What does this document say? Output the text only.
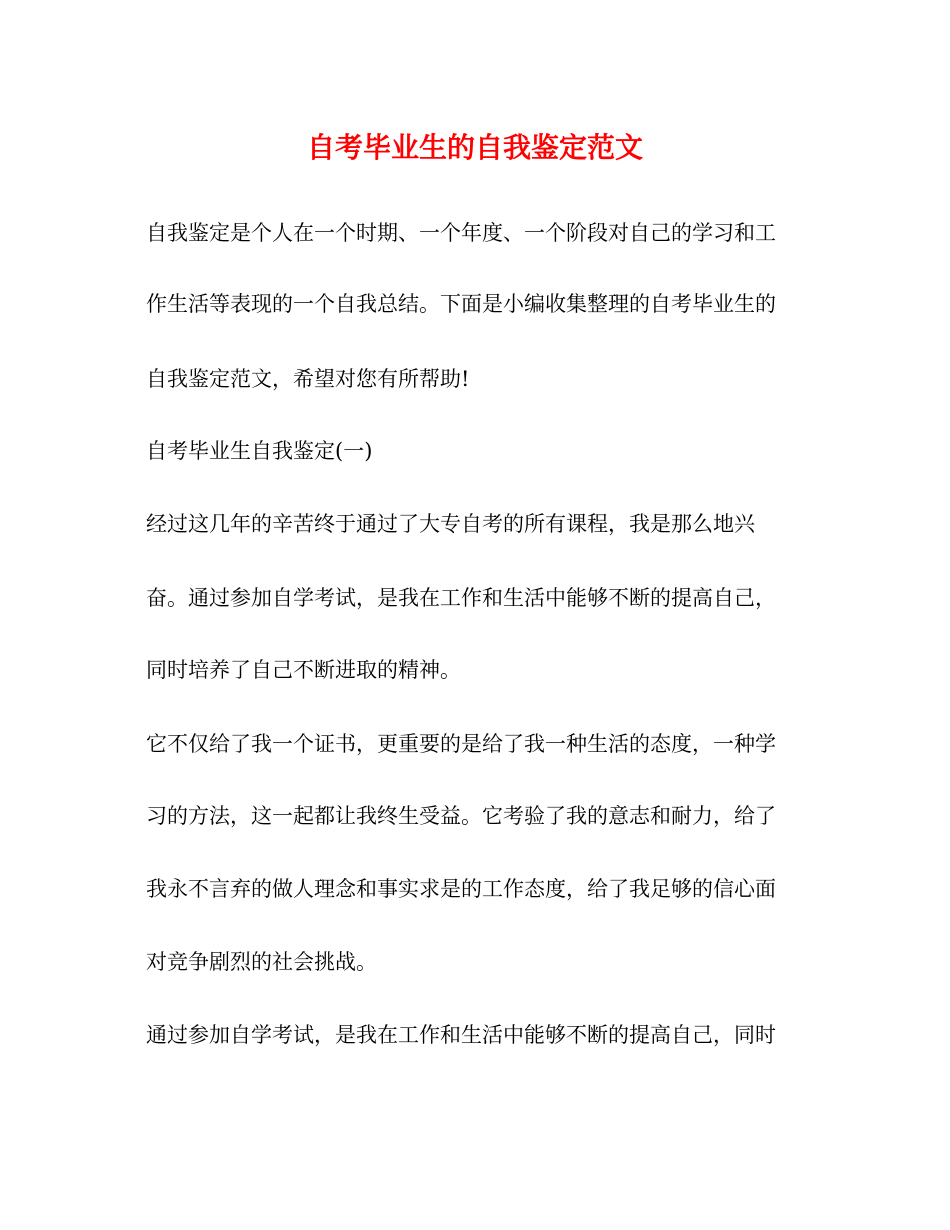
自考毕业生的自我鉴定范文

自我鉴定是个人在一个时期、一个年度、一个阶段对自己的学习和工

作生活等表现的一个自我总结。下面是小编收集整理的自考毕业生的

自我鉴定范文，希望对您有所帮助!

自考毕业生自我鉴定(一)

经过这几年的辛苦终于通过了大专自考的所有课程，我是那么地兴

奋。通过参加自学考试，是我在工作和生活中能够不断的提高自己，

同时培养了自己不断进取的精神。

它不仅给了我一个证书，更重要的是给了我一种生活的态度，一种学

习的方法，这一起都让我终生受益。它考验了我的意志和耐力，给了

我永不言弃的做人理念和事实求是的工作态度，给了我足够的信心面

对竞争剧烈的社会挑战。

通过参加自学考试，是我在工作和生活中能够不断的提高自己，同时
